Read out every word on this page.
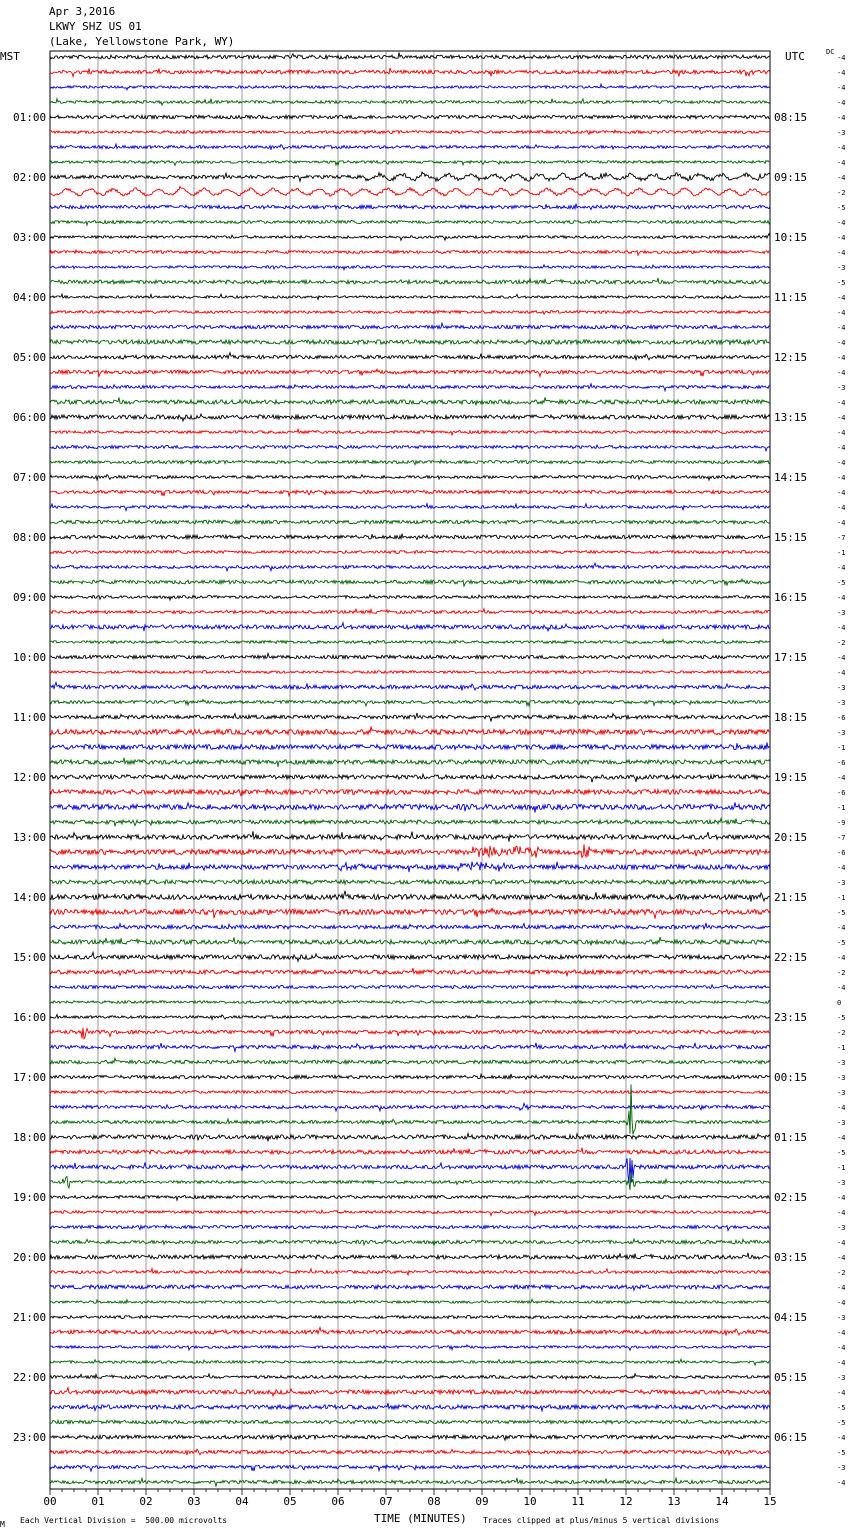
Apr 3,2016
LKWY SHZ US 01
(Lake, Yellowstone Park, WY)
MST	UTC	DC
-4
-4
-4
-4
-4
01:00	08:15
-3
-4
-4
-4
02:00	09:15
-2
-5
-4
-4
03:00	10:15
-4
-3
-5
-4
04:00	11:15
-4
-4
-4
-4
05:00	12:15
-4
-3
-4
-4
06:00	13:15
-4
-4
-4
-4
07:00	14:15
-4
-4
-4
-7
08:00	15:15
-1
-4
-5
-4
09:00	16:15
-3
-4
-2
-4
10:00	17:15
-4
-3
-3
-6
11:00	18:15
-3
-1
-6
-4
12:00	19:15
-6
-1
-9
-7
13:00	20:15
-6
-4
-3
-1
14:00	21:15
-5
-4
-5
-4
15:00	22:15
-2
-4
0
-5
16:00	23:15
-2
-1
-3
-3
17:00	00:15
-3
-4
-3
-4
18:00	01:15
-5
-1
-3
-4
19:00	02:15
-4
-3
-4
-4
20:00	03:15
-2
-4
-4
-3
21:00	04:15
-4
-4
-4
-3
22:00	05:15
-4
-5
-5
-4
23:00	06:15
-5
-3
-4
00	01	02	03	04	05	06	07	08	09	10	11	12	13	14	15
M Each Vertical Division =  500.00 microvolts	TIME (MINUTES) Traces clipped at plus/minus 5 vertical divisions
